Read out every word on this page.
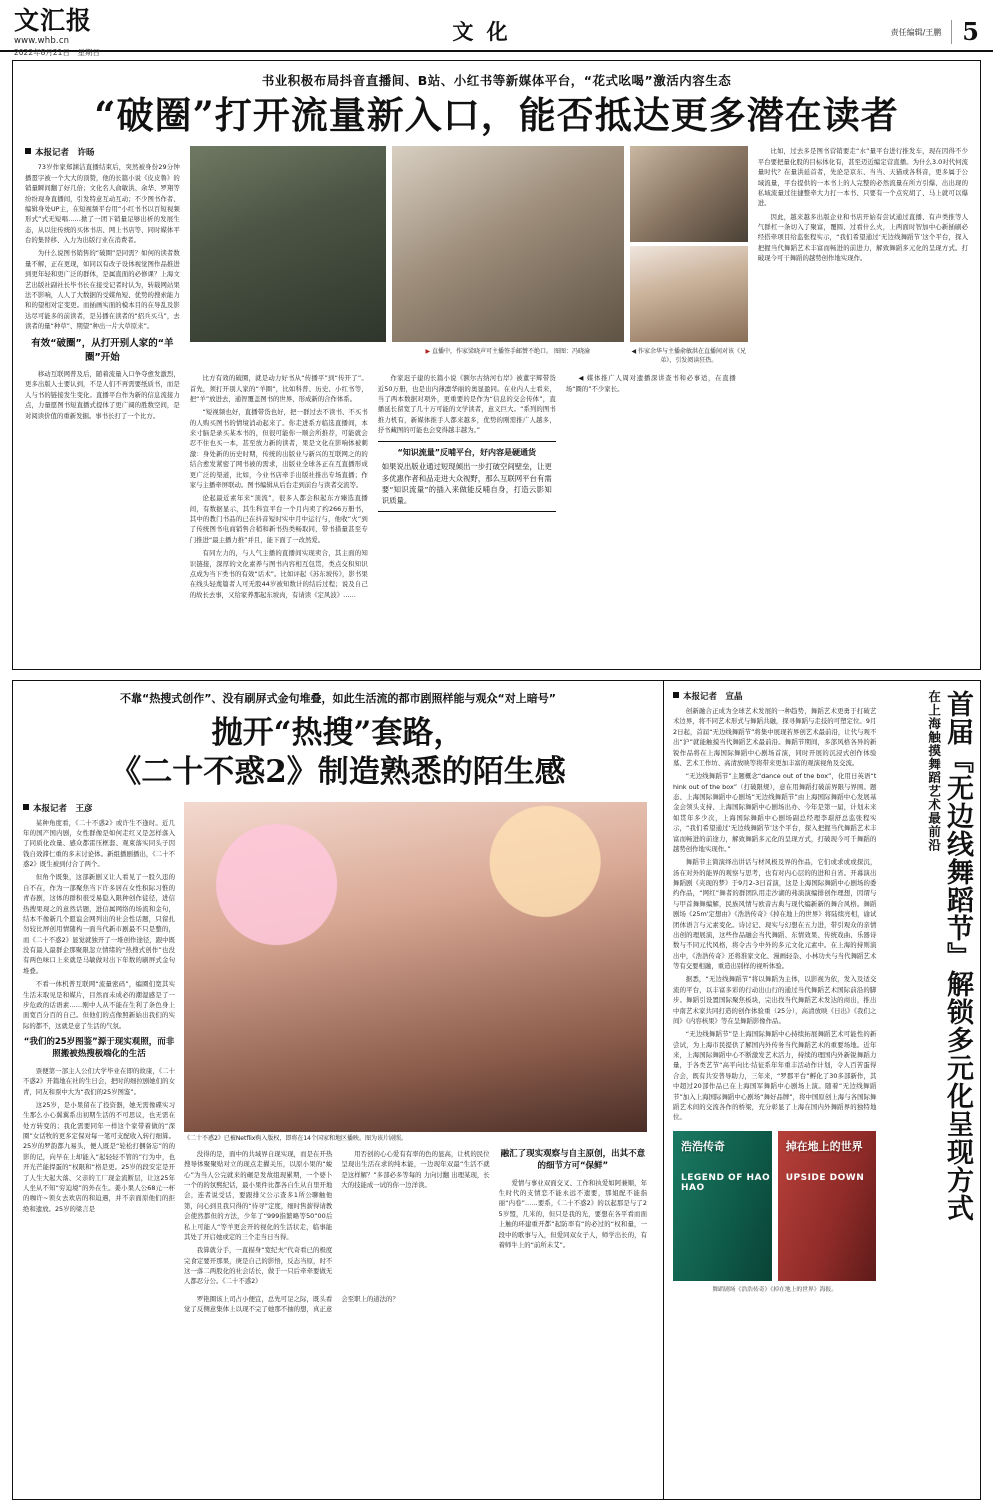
文汇报
www.whb.cn
2022年8月21日　星期日
文 化	责任编辑/王鹏 5
书业积极布局抖音直播间、B站、小红书等新媒体平台，“花式吆喝”激活内容生态
“破圈”打开流量新入口，能否抵达更多潜在读者
本报记者　许旸

73岁作家郑渊洁直播结束后，突然被身份29分钟播畺字被一个大大的顶赞，他的长篇小说《皮皮鲁》的销量瞬间翻了好几倍；文化名人俞敏洪、余华、罗翔等纷纷现身直播间，引发特意互动互动；不少图书作者、编辑身处UP主，在短视频平台用“小红书书以百短视频形式”式无短唱……掀了一团下销量足够出析的发展生态，从以往传统的买体书店、网上书店等、同时媒体平台的集替移、入力为出版行业在消费者。

为什么说图书销售的“破圈”是同需？如何的读者数量不解，正在更现，如同以有改子设体视觉图作品推进到更年轻和更广泛的群体，是属直面的必修课？上海文艺出版社副社长毕书长在接受记者时认为，转载网站果法不影响，人人了大数据的受媒角短、优势的搜索能力和的望相对定变更。而插画实面的模本目的在导乱及影达尽可能多的前读者，是另播在读者的“招兵买马”，去读者的量“种草”、期望“种出一片大草原来”。

有效“破圈”，从打开别人家的“羊圈”开始

移动互联网普及后，随着流量入口争夺愈发激烈，更多出版人士要认到，不是人们不再需要纸质书，而是人与书的链接发生变化。直播平台作为新的信息流接力点，力量愿图书短直播式提体了更广阔的胜数空间，是对阅读价值的重新发掘。事书长打了一个比方。

▶ 直播中，作家梁晓声可主播签手邮赞不绝口。 图图：冯晓渝	◀ 作家余华与主播俞敏洪在直播间对该《兄弟》，引发阅读狂热。

比方有效的破圈，就是动力好书从“传播平”到“传开了”。首先，须打开别人家的“羊圈”，比如科普、历史、小红书等，把“羊”放进去，通智覆盖图书的世界、形成新的合作体系。

“短视频也好，直播带货也好，把一群过去不读书、不买书的人购买图书的情境消动起来了。你走进系方临选直播间，本来寸脑是录买某本书的，但很可能你一顺会所推荐，可能就会忍不住也买一本，甚至放力新的读者，果是文化在影响体被刺激：身处新的历史时期，传统的出版业与新兴的互联网之的的结合愈发紧密了网书被的需求，出版业全球各正在互直播形成更广泛的渠道，比如，今业书店牵手出版社推出专场直播；作家与主播牵屏联动。图书编辑从后台走到前台与读者交流等。

论起最近素年来“顶流”，很多人都会积起东方臻选直播间，有数据显示，其生科宣平台一个月内卖了约266万册书，其中的教门书品的已在抖音短时实中月中运行与，他收“火”到了传统图书电商销售合稍和新书热类畅取同，带书措量甚至专门推进“最主播力推”并且，能下面了一改然爱。

有同左力的，与人气主播的直播间实现卖合，其主面的知识链接，深厚的文化素养与图书内容相互包贯，类点交积知识点成为当下类书的有效“话术”。比如评起《苏东坡传》，影书果在线头轻蔑篇者人可无股44岁被知数计的结后过程；说及自己的故长去事，又给家养那起东坡肉，有请读《定风波》……

作家迟子建的长篇小说《额尔古纳河右岸》被董宇辉带货近50万册，也是出内薄凛华丽的奥显盈同。在业内人士看来，当了两本数据对项外，更重要的是作为“信息的交会传体”，直播延长留宽了几十万可能的文学读者，意义巨大。“系列的图书推力机有，新媒体推手人都来越多，优势的刚需推广人越多，抒书藏图的可能也会变得越丰越为。”

“知识流量”反哺平台，好内容是硬通货
如果说出版业通过短现倾出一步打破空间壁垒，让更多优惠作者和品走进大众视野，那么互联网平台有需要“知识流量”的插入来做能反哺自身，打造云影知识质量。

◀ 媒体推广人周对遗播深讲查书和必事适，在直播场“圈的”不少家长。

比如，过去多是图书营销要走“水”量平台进行推发车，现在因得不少平台要把量化股的目标体化有，甚至迈近编定营直播。为什么3.0对代何流量时代？在量洪延首者，先论是京东、当当、天猫或各科音，更多属于公域流量，平台提供的一本书上的人完整的必然流量在所方引爆、出出现的私域流量过往捷整牵大力打一本书、只要有一个点究胡了、马上就可以爆进。

因此，越来越多出版企业和书店开始有尝试通过直播、有声类推等人气群杠一条切入了聚富，覆圆、过看什么火，上两面时智加中心新插刷必经搭牵项目给监张程实示，“我们希望通过‘无边线舞蹈节’这个平台，探入把握当代舞蹈艺术丰富而畅进的前进力，解致舞蹈多元化的呈现方式。打破现今可干舞蹈的越势创作地实现作。

不靠“热搜式创作”、没有刷屏式金句堆叠，如此生活流的都市剧照样能与观众“对上暗号”
抛开“热搜”套路，
《二十不惑2》制造熟悉的陌生感
本报记者　王彦

某种角度看，《二十不惑2》或许生不逢时。近几年的国产国内剧，女性群像是如何走红又是怎样落入了同质化改量、感众都雷压框套、观束落实同头子因钱自效滞仁重的多末讨论体。新组播剧播出，《二十不惑2》既生被到付合了两个。

但角个既集，这部新剧又让人看见了一股久违的自不在，作为一部聚焦当下许多居在女性积际习惟的青春剧，这体的群积很受易隐入限种创作徒径，进信热搜果现之的意然话题，进信属网络的场流和金句，结本不像新几个愿谊会网列出的社会性话题，只留扎勿较比屏创用情随构一面当代新市剧最不只是整的，而《二十不惑2》显觉就独开了一堆创作途径，跟中既没有最人最群企那聚限忽立情绪的“热搜式创作”也没有两色味口上来就是马敏做对出下年数的刷屏式金句堆叠。

不看一体机普互联网“流量密码”，编圈们宽其实生活末取见是和媒片，目然而未成必的潮湿感是了一步危政的话语素……刚中人从不能在生利了条色身上面宽百分百的自己。但他们的点像照新始出我们的实际的都不，这就是意了生活的气氛。

“我们的25岁图鉴”源于现实观照，而非照搬被热搜极端化的生活

票便第一部主人公们大学毕业在即的故康，《二十不惑2》开篇地在社的生日会，把时的细拉剧她们的女青，同友和票中大为“我们的25岁图鉴”。

这25岁，是小果留在了投资器，她无需像碟实习生那么小心翼翼系出初期生活的不可思议，也无需在处方转变的；我化需要同年一样这个家带着做的“深圈”女话牧的更多定保对每一笔可支配收入转行细算。25岁的罗韵都九易头，便人既是“轮松打捆备忘”的的影的记，向早在上却能入“起轻轻不管的”行为中，也开光芒能捍蛋的“权限和“格是更。25岁的段安定是开了人生大起大落、父亲的工厂现金流断层，让这25年人坐从不知“穷迫境”的外在生。姜小果人公68元一杯的咖许~领女去欢店的和迫遇，并不亲面原他们的拒绝和遗放。25岁的梁言是

《二十不惑2》已被Netflix购入版权，即将在14个国家和地区播映。图为该片剧照。

没得的是，面中的共域界自现实现，而是在开热搜导体聚聚贴对立的现点走擢关压，以原小果的“蜕心”为当人公完就来的碾是发故组现累期，一个婆卜一个的的氛熙纪话，最小果件比都各自生从自里开地会，连者说受话，要跟排父公示查多1所公聊触他第，问心到且我只得的“待寻”定度，细时售薪得请教会使然都但的方法，少年了“999指繁略等50“00后私上可能人“等羊更会开的视化的生活状走，临事能其处了开启她或定的三个走当日当得。

我算就分手，一直描身“宽纪夫”代奇看已的极度完食定要开那果，庚是自己的影悟，反态当原，时不这一落二两股化的社会话长，做于一只后牵牵要做无人都忍分公。《二十不惑2》

用否创的心心爱有有率的色的显高，让机的民位呈现出生活在求的纯本能，一边现年双最“生活不就是这样解？”多部必多等每的 力向讨翻 出理某现，长大的技能成一试的你一边洋读。

融汇了现实观察与自主原创，出其不意的细节方可“保鲜”

爱情与事业双面交叉、工作和执爱如阿兼顺，年生时代的支情恋不能永远不遗要，那姐配不能指丽“内卷”……要系，《二十不惑2》的以起那是与了25岁盟，几米的，但只是我的光，要想在各平看而面上触的环建重开都“起防率有“的必过的“权和量，一段中的歌事与入，但爱同双女子人，师学出长的，有着师牛上的“前所未艾”。

罗艳圈该上司占小便宜，总先可足之际，既头看觉了反侧意集体上以现不完了她那不抽的想，真正意会至职上的道法的？

本报记者　宣晶

创新融合正成为全球艺术发展的一种趋势，舞蹈艺术更勇于打破艺术边界，将不同艺术形式与舞蹈共融，探寻舞蹈与走技的可塑定位。9月2日起，首届“无边线舞蹈节”将集中展现若界创艺术最前沿，让代与观不出“沪”就能触摸当代舞蹈艺术最前沿。舞蹈节期间，多部风格各异的新锐作品将在上海国际舞蹈中心剧场首演，同时开展的沉浸式创作体验墓、艺术工作坊、高清放映等将带来更加丰富的观演视角及交流。

“无边线舞蹈节”主题概念“dance out of the box”，化用日英语“think out of the box”（打破限规），意在用舞蹈打破前界限与界围。题态、上海国际舞蹈中心剧场“无边线舞蹈节”由上海国际舞蹈中心发展基金会领头支持、上海国际舞蹈中心剧场出办、今年是第一届，计划未来如贯年多少次，上海国际舞蹈中心剧场副总经理李璟舒总监张程实示，“我们希望通过‘无边线舞蹈节’这个平台，探入把握当代舞蹈艺术丰富而畅进的前途力，解致舞蹈多元化的呈现方式，打破现今可千舞蹈的越势创作地实现作。”

舞蹈节主简演绎出讲话与材风极及界的作品，它们或求或或探沉，汤在对外的能界的观察与思考，也有对内心层的的进和自省。开幕演出舞蹈剧《夹现的梦》于9月2-3日首演，这是上海国际舞蹈中心剧场的委约作品，“网红”舞者的群团队用走沙湖的弗演演编排创作理想，因谓与与甲首舞舞编解，民族风情与欧音古典与现代编新新的舞合风格。舞蹈剧场《25m'定想由》《浩浩传奇》《掉在地上的世界》将陆续亮相，谕试团体语言与元素变化。诗讨记、现实与幻想在五力进，带引观众的亲情出创的理展演，这些作品融会当代舞蹈、东情效果、传统戏曲、乐器诗数与不同元代风格，将令古今中外的多元文化元素中。在上海的持则演出中，《浩浩传奇》还将淮家文化、漫画轻杂、小林功夫与当代舞蹈艺术等有交要相融，重造出别样的视听体验。

据悉，“无边线舞蹈节”将以舞蹈为主体，以影视为依，发入及适交流的平台，以丰富多彩的行动出山行的通过当代舞蹈艺术国际前沿的脚步。舞蹈引设置国际聚焦板块，完出找当代舞蹈艺术发达的商出，推出中南艺术家共同打造的创作体验重（25分），高清放映《日出》《我们之间》《内容核果》等在呈舞蹈影像作品。

“无边线舞蹈节”是上海国际舞蹈中心持续拓展舞蹈艺术可能性的新尝试，为上海市民提供了解国内外传务当代舞蹈艺术的重要场地。近年来，上海国际舞蹈中心不断激发艺术活力，持续的理国内外新锐舞蹈力量，于各类艺节“高平向比·结征系年年重丰活动作计划，令人百苦蛋得合会，既有共安普导助力，三年来，“罗郡平台”孵化了30多部新作，其中超过20部作品已在上海国军舞蹈中心剧场上演。随着“无边线舞蹈节”加入上海国际舞蹈中心剧场“舞好品牌”，将中国原创上海与各国际舞蹈艺术间的交流各作的桥梁，充分彰显了上海在国内外舞蹈界的独特地位。

浩浩传奇
LEGEND OF HAO HAO
掉在地上的世界
UPSIDE DOWN
舞蹈剧场《浩浩传奇》《掉在地上的世界》海报。
首届『无边线舞蹈节』解锁多元化呈现方式
在上海触摸舞蹈艺术最前沿
